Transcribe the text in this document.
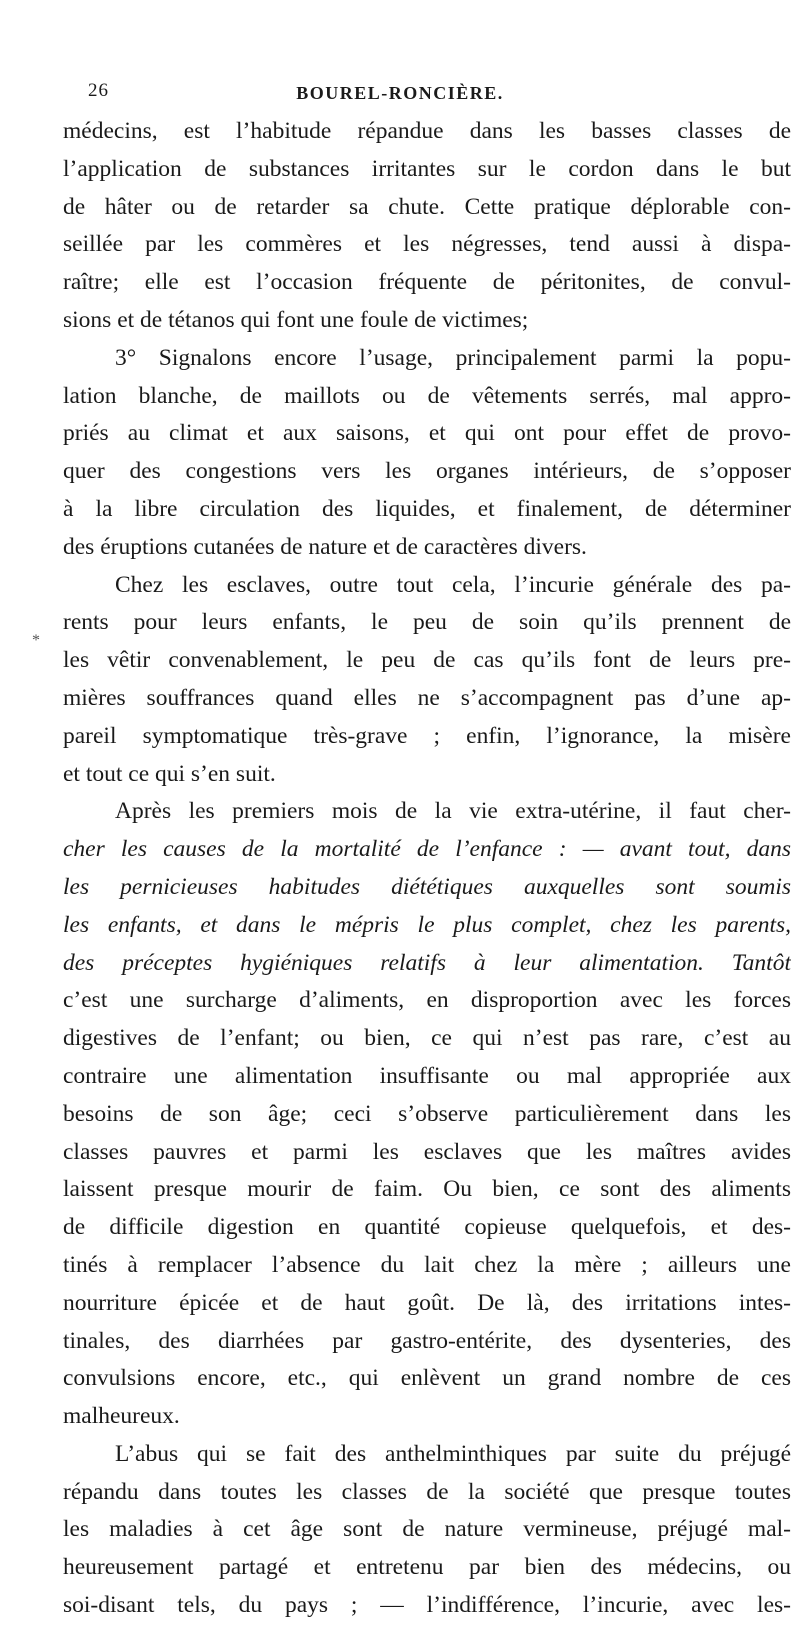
26	BOUREL-RONCIÈRE.
*
médecins, est l’habitude répandue dans les basses classes de
l’application de substances irritantes sur le cordon dans le but
de hâter ou de retarder sa chute. Cette pratique déplorable con-
seillée par les commères et les négresses, tend aussi à dispa-
raître; elle est l’occasion fréquente de péritonites, de convul-
sions et de tétanos qui font une foule de victimes;
3° Signalons encore l’usage, principalement parmi la popu-
lation blanche, de maillots ou de vêtements serrés, mal appro-
priés au climat et aux saisons, et qui ont pour effet de provo-
quer des congestions vers les organes intérieurs, de s’opposer
à la libre circulation des liquides, et finalement, de déterminer
des éruptions cutanées de nature et de caractères divers.
Chez les esclaves, outre tout cela, l’incurie générale des pa-
rents pour leurs enfants, le peu de soin qu’ils prennent de
les vêtir convenablement, le peu de cas qu’ils font de leurs pre-
mières souffrances quand elles ne s’accompagnent pas d’une ap-
pareil symptomatique très-grave ; enfin, l’ignorance, la misère
et tout ce qui s’en suit.
Après les premiers mois de la vie extra-utérine, il faut cher-
cher les causes de la mortalité de l’enfance : — avant tout, dans
les pernicieuses habitudes diététiques auxquelles sont soumis
les enfants, et dans le mépris le plus complet, chez les parents,
des préceptes hygiéniques relatifs à leur alimentation. Tantôt
c’est une surcharge d’aliments, en disproportion avec les forces
digestives de l’enfant; ou bien, ce qui n’est pas rare, c’est au
contraire une alimentation insuffisante ou mal appropriée aux
besoins de son âge; ceci s’observe particulièrement dans les
classes pauvres et parmi les esclaves que les maîtres avides
laissent presque mourir de faim. Ou bien, ce sont des aliments
de difficile digestion en quantité copieuse quelquefois, et des-
tinés à remplacer l’absence du lait chez la mère ; ailleurs une
nourriture épicée et de haut goût. De là, des irritations intes-
tinales, des diarrhées par gastro-entérite, des dysenteries, des
convulsions encore, etc., qui enlèvent un grand nombre de ces
malheureux.
L’abus qui se fait des anthelminthiques par suite du préjugé
répandu dans toutes les classes de la société que presque toutes
les maladies à cet âge sont de nature vermineuse, préjugé mal-
heureusement partagé et entretenu par bien des médecins, ou
soi-disant tels, du pays ; — l’indifférence, l’incurie, avec les-
